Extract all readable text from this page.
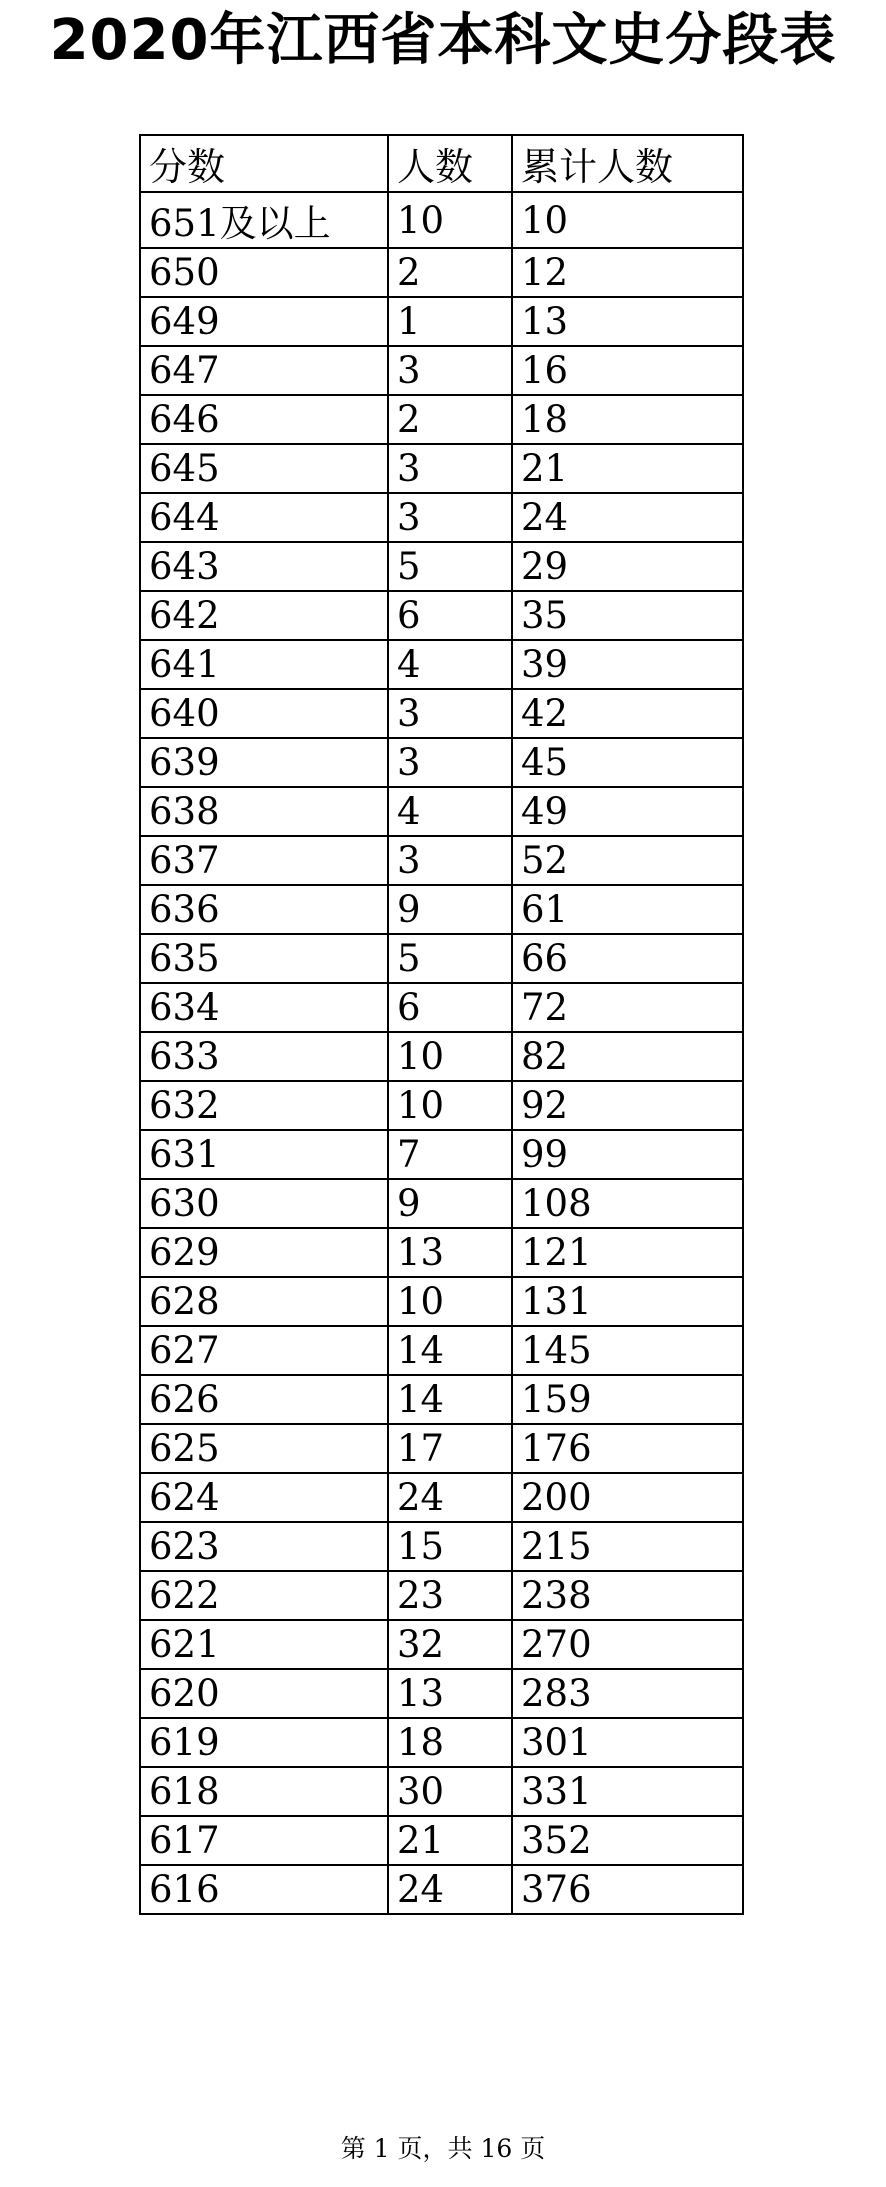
2020年江西省本科文史分段表
分数	人数	累计人数
651及以上	10	10
650	2	12
649	1	13
647	3	16
646	2	18
645	3	21
644	3	24
643	5	29
642	6	35
641	4	39
640	3	42
639	3	45
638	4	49
637	3	52
636	9	61
635	5	66
634	6	72
633	10	82
632	10	92
631	7	99
630	9	108
629	13	121
628	10	131
627	14	145
626	14	159
625	17	176
624	24	200
623	15	215
622	23	238
621	32	270
620	13	283
619	18	301
618	30	331
617	21	352
616	24	376
第 1 页，共 16 页
